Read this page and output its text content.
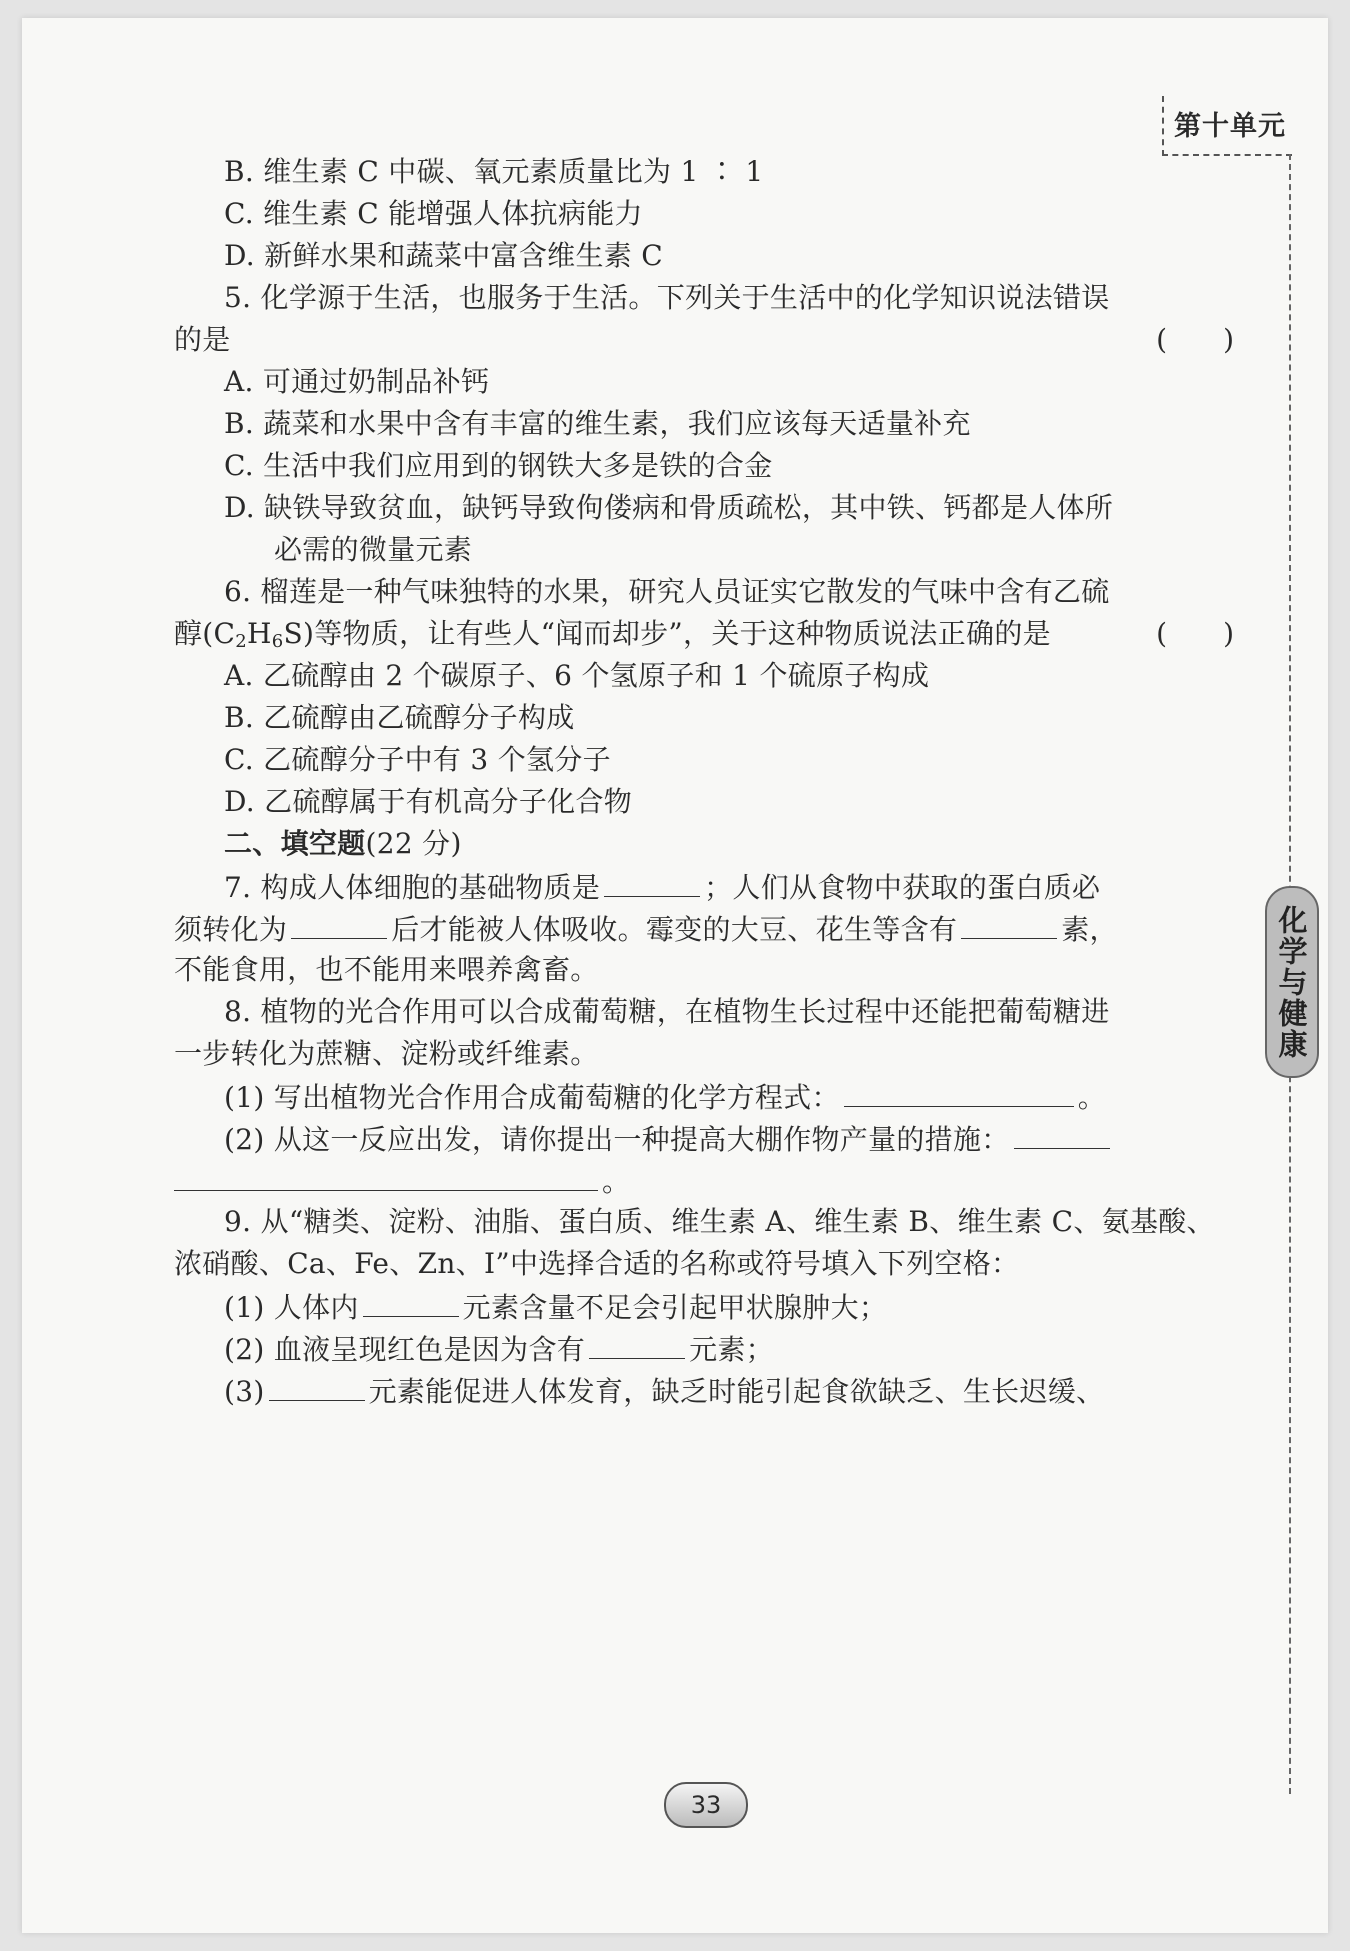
第十单元
化学与健康
B. 维生素 C 中碳、氧元素质量比为 1 ∶ 1
C. 维生素 C 能增强人体抗病能力
D. 新鲜水果和蔬菜中富含维生素 C
5. 化学源于生活，也服务于生活。下列关于生活中的化学知识说法错误
的是	(　　)
A. 可通过奶制品补钙
B. 蔬菜和水果中含有丰富的维生素，我们应该每天适量补充
C. 生活中我们应用到的钢铁大多是铁的合金
D. 缺铁导致贫血，缺钙导致佝偻病和骨质疏松，其中铁、钙都是人体所
必需的微量元素
6. 榴莲是一种气味独特的水果，研究人员证实它散发的气味中含有乙硫
醇$(C_2H_6S)$等物质，让有些人“闻而却步”，关于这种物质说法正确的是	(　　)
A. 乙硫醇由 2 个碳原子、6 个氢原子和 1 个硫原子构成
B. 乙硫醇由乙硫醇分子构成
C. 乙硫醇分子中有 3 个氢分子
D. 乙硫醇属于有机高分子化合物
二、填空题(22 分)
7. 构成人体细胞的基础物质是	；人们从食物中获取的蛋白质必
须转化为	后才能被人体吸收。霉变的大豆、花生等含有	素，
不能食用，也不能用来喂养禽畜。
8. 植物的光合作用可以合成葡萄糖，在植物生长过程中还能把葡萄糖进
一步转化为蔗糖、淀粉或纤维素。
(1) 写出植物光合作用合成葡萄糖的化学方程式：	。
(2) 从这一反应出发，请你提出一种提高大棚作物产量的措施：
。
9. 从“糖类、淀粉、油脂、蛋白质、维生素 A、维生素 B、维生素 C、氨基酸、
浓硝酸、Ca、Fe、Zn、I”中选择合适的名称或符号填入下列空格：
(1) 人体内	元素含量不足会引起甲状腺肿大；
(2) 血液呈现红色是因为含有	元素；
(3)	元素能促进人体发育，缺乏时能引起食欲缺乏、生长迟缓、
33
